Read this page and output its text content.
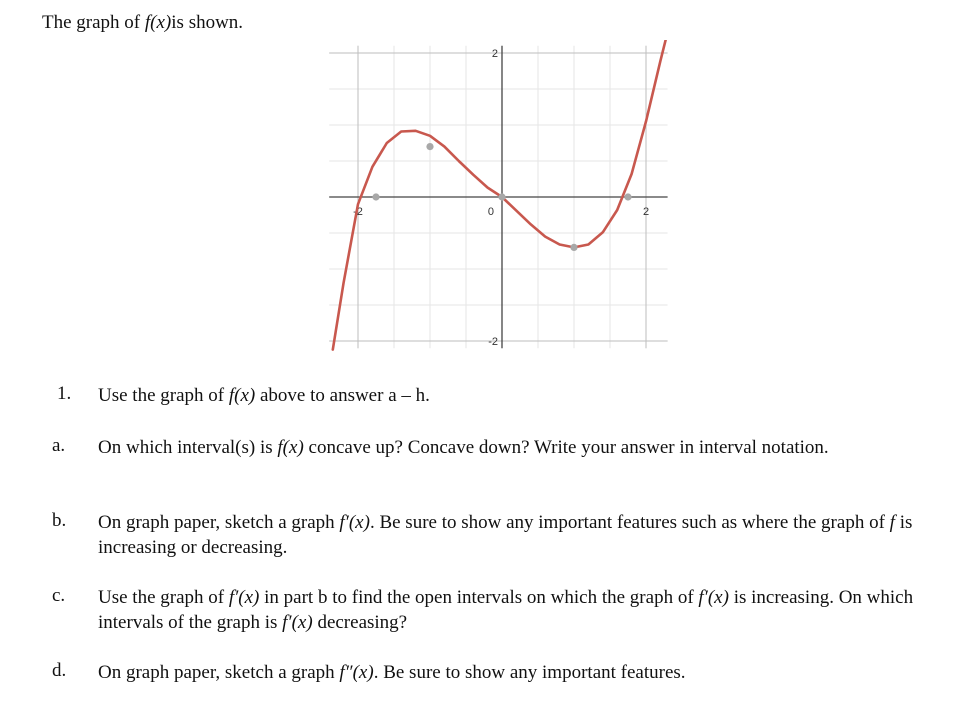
The graph of f(x)is shown.
-2	0	2
2
-2
1. Use the graph of f(x) above to answer a – h.
a. On which interval(s) is f(x) concave up? Concave down? Write your answer in interval notation.
b. On graph paper, sketch a graph f′(x). Be sure to show any important features such as where the graph of f is increasing or decreasing.
c. Use the graph of f′(x) in part b to find the open intervals on which the graph of f′(x) is increasing. On which intervals of the graph is f′(x) decreasing?
d. On graph paper, sketch a graph f″(x). Be sure to show any important features.
